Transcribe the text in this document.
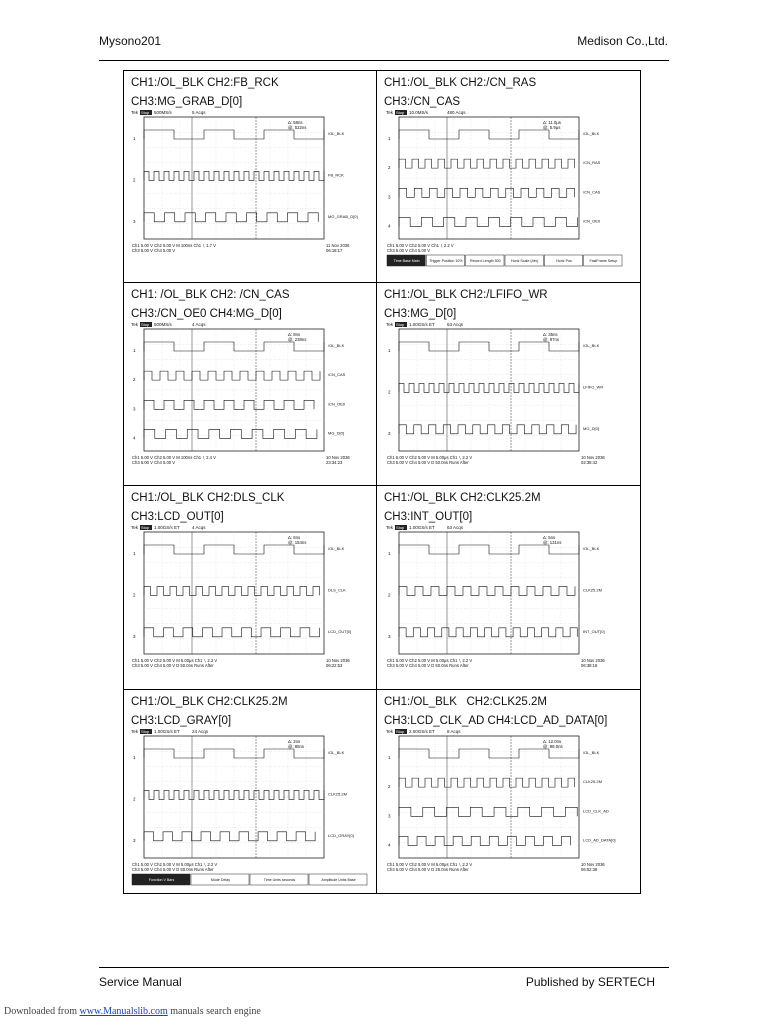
Mysono201	Medison Co.,Ltd.
CH1:/OL_BLK CH2:FB_RCK
CH3:MG_GRAB_D[0]
Tek Stop 500MS/s	5 Acqs
Δ: 58ns
@: 522ns
1
/OL_BLK
2
FB_RCK
3
MG_GRAB_D[0]
Ch1 5.00 V Ch2 5.00 V M 100ns Ch1 ∖ 1.7 V
Ch3 5.00 V Ch4 5.00 V
11 Nov 2036
06:18:17
CH1:/OL_BLK CH2:/CN_RAS
CH3:/CN_CAS
Tek Stop 10.0MS/s	480 Acqs
Δ: 11.0μs
@: 5.9μs
1
/OL_BLK
2
/CN_RAS
3
/CN_CAS
4
/CN_OE0
Ch1 5.00 V Ch2 5.00 V Ch1 ∖ 2.2 V
Ch3 5.00 V Ch4 5.00 V
Time Base Main	Trigger Position 10% Record Length 500	Horiz Scale (/div)	Horiz Pos	FastFrame Setup
CH1: /OL_BLK CH2: /CN_CAS
CH3:/CN_OE0 CH4:MG_D[0]
Tek Stop 500MS/s	4 Acqs
Δ: 8ns
@: 238ns
1
/OL_BLK
2
/CN_CAS
3
/CN_OE0
4
MG_D[0]
Ch1 5.00 V Ch2 5.00 V M 100ns Ch1 ∖ 2.4 V
Ch3 5.00 V Ch4 5.00 V
10 Nov 2036
23:34:23
CH1:/OL_BLK CH2:/LFIFO_WR
CH3:MG_D[0]
Tek Stop 1.00GS/s ET	63 Acqs
Δ: 35ns
@: 97ns
1
/OL_BLK
2
LFIFO_WR
3
MG_D[0]
Ch1 5.00 V Ch2 5.00 V M 5.00μs Ch1 ∖ 2.2 V
Ch3 5.00 V Ch4 5.00 V D 50.0ns Runs After
10 Nov 2036
02:38:42
CH1:/OL_BLK CH2:DLS_CLK
CH3:LCD_OUT[0]
Tek Stop 1.00GS/s ET	4 Acqs
Δ: 6ns
@: 154ns
1
/OL_BLK
2
DLS_CLK
3
LCD_OUT[0]
Ch1 5.00 V Ch2 5.00 V M 5.00μs Ch1 ∖ 2.2 V
Ch3 5.00 V Ch4 5.00 V D 50.0ns Runs After
10 Nov 2036
06:22:53
CH1:/OL_BLK CH2:CLK25.2M
CH3:INT_OUT[0]
Tek Stop 1.00GS/s ET	63 Acqs
Δ: 5ns
@: 131ns
1
/OL_BLK
2
CLK25.2M
3
INT_OUT[0]
Ch1 5.00 V Ch2 5.00 V M 5.00μs Ch1 ∖ 2.2 V
Ch3 5.00 V Ch4 5.00 V D 50.0ns Runs After
10 Nov 2036
06:38:18
CH1:/OL_BLK CH2:CLK25.2M
CH3:LCD_GRAY[0]
Tek Stop 1.00GS/s ET	24 Acqs
Δ: 2ns
@: 85ns
1
/OL_BLK
2
CLK25.2M
3
LCD_GRAY[0]
Ch1 5.00 V Ch2 5.00 V M 5.00μs Ch1 ∖ 2.2 V
Ch3 5.00 V Ch4 5.00 V D 50.0ns Runs After
Function V Bars	Mode Delay	Time Units seconds	Amplitude Units Base
CH1:/OL_BLK   CH2:CLK25.2M
CH3:LCD_CLK_AD CH4:LCD_AD_DATA[0]
Tek Stop 2.00GS/s ET	8 Acqs
Δ: 12.0ns
@: 98.0ns
1
/OL_BLK
2
CLK25.2M
3
LCD_CLK_AD
4
LCD_AD_DATA[0]
Ch1 5.00 V Ch2 5.00 V M 5.00μs Ch1 ∖ 2.2 V
Ch3 5.00 V Ch4 5.00 V D 25.0ns Runs After
10 Nov 2036
06:52:38
Service Manual	Published by SERTECH
Downloaded from www.Manualslib.com manuals search engine
